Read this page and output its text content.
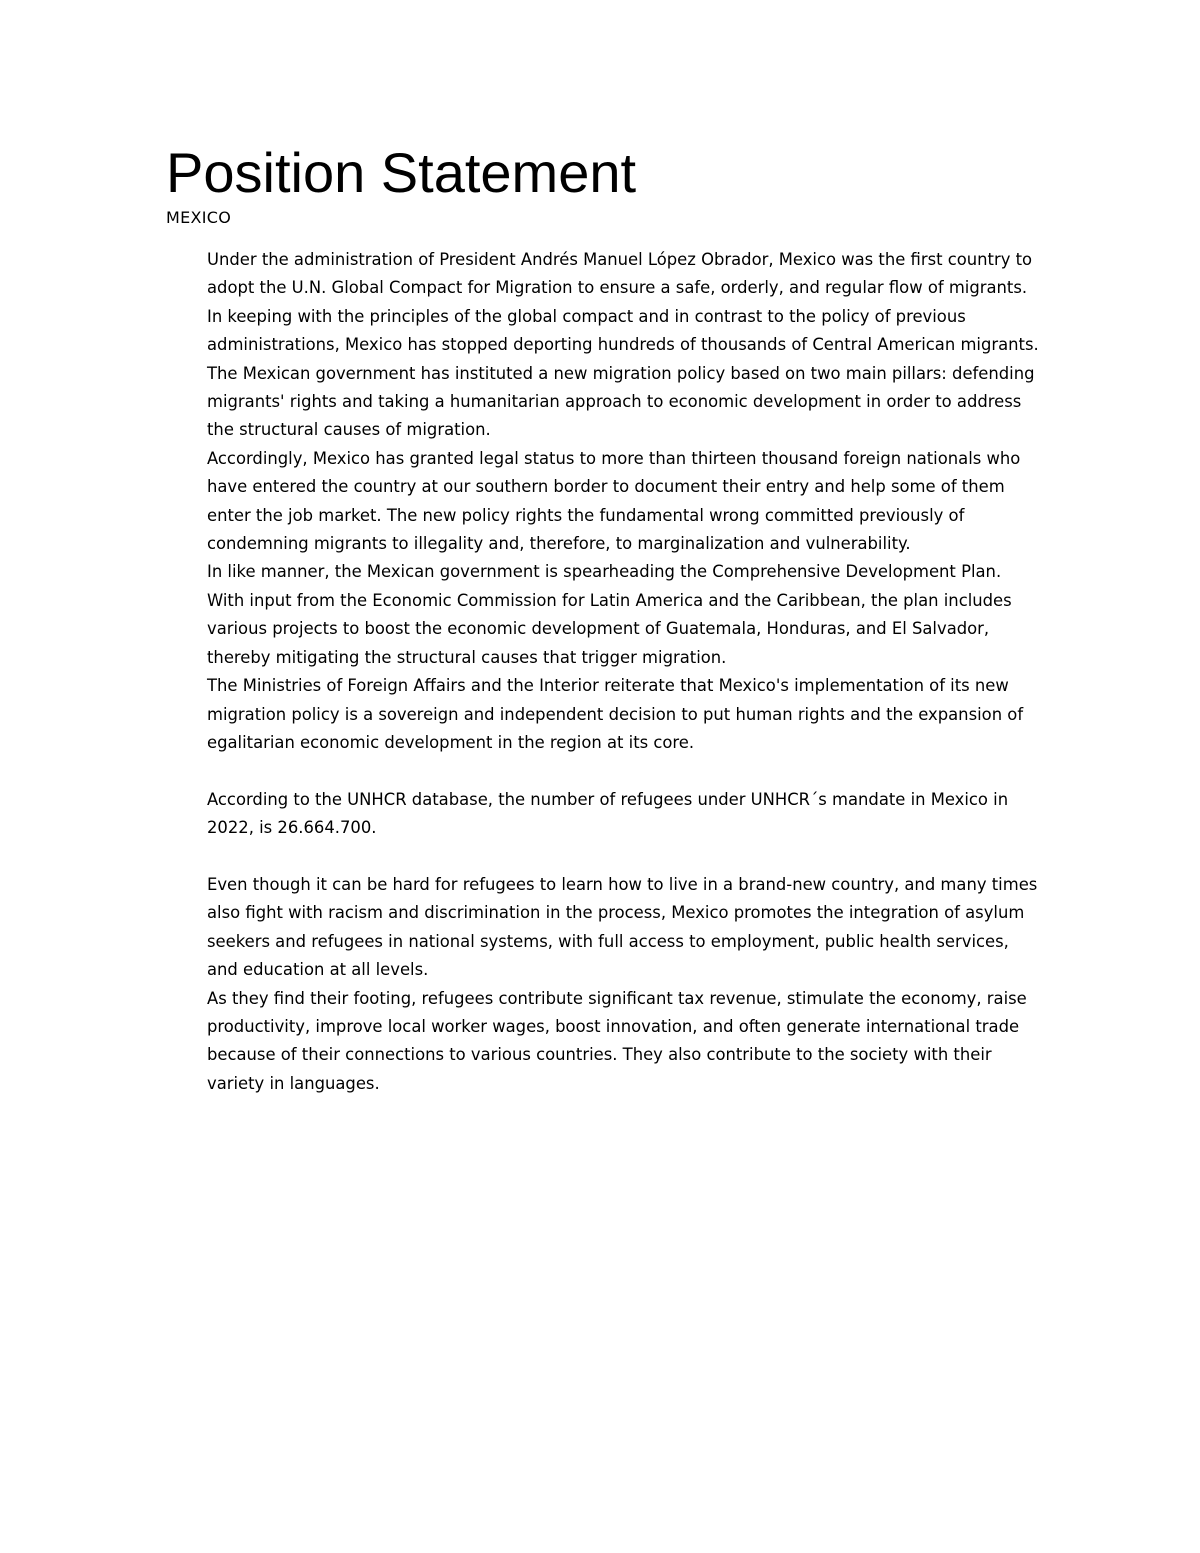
Position Statement
MEXICO

Under the administration of President Andrés Manuel López Obrador, Mexico was the first country to adopt the U.N. Global Compact for Migration to ensure a safe, orderly, and regular flow of migrants. In keeping with the principles of the global compact and in contrast to the policy of previous administrations, Mexico has stopped deporting hundreds of thousands of Central American migrants.

The Mexican government has instituted a new migration policy based on two main pillars: defending migrants' rights and taking a humanitarian approach to economic development in order to address the structural causes of migration.

Accordingly, Mexico has granted legal status to more than thirteen thousand foreign nationals who have entered the country at our southern border to document their entry and help some of them enter the job market. The new policy rights the fundamental wrong committed previously of condemning migrants to illegality and, therefore, to marginalization and vulnerability.

In like manner, the Mexican government is spearheading the Comprehensive Development Plan. With input from the Economic Commission for Latin America and the Caribbean, the plan includes various projects to boost the economic development of Guatemala, Honduras, and El Salvador, thereby mitigating the structural causes that trigger migration.

The Ministries of Foreign Affairs and the Interior reiterate that Mexico's implementation of its new migration policy is a sovereign and independent decision to put human rights and the expansion of egalitarian economic development in the region at its core.

According to the UNHCR database, the number of refugees under UNHCR´s mandate in Mexico in 2022, is 26.664.700.

Even though it can be hard for refugees to learn how to live in a brand-new country, and many times also fight with racism and discrimination in the process, Mexico promotes the integration of asylum seekers and refugees in national systems, with full access to employment, public health services, and education at all levels.

As they find their footing, refugees contribute significant tax revenue, stimulate the economy, raise productivity, improve local worker wages, boost innovation, and often generate international trade because of their connections to various countries. They also contribute to the society with their variety in languages.
